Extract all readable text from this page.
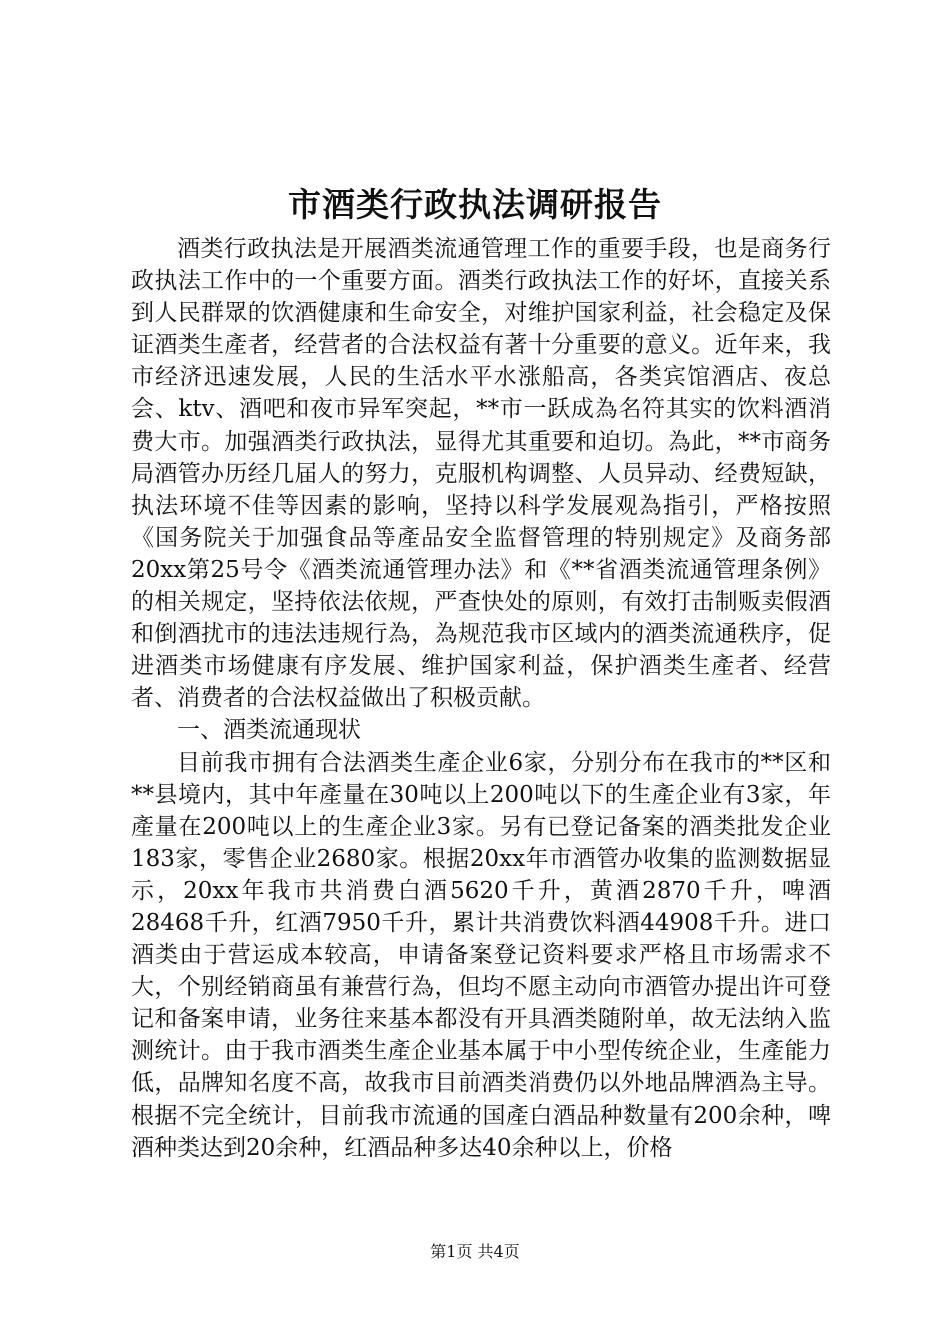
市酒类行政执法调研报告

酒类行政执法是开展酒类流通管理工作的重要手段，也是商务行政执法工作中的一个重要方面。酒类行政执法工作的好坏，直接关系到人民群眾的饮酒健康和生命安全，对维护国家利益，社会稳定及保证酒类生產者，经营者的合法权益有著十分重要的意义。近年来，我市经济迅速发展，人民的生活水平水涨船高，各类宾馆酒店、夜总会、ktv、酒吧和夜市异军突起，**市一跃成為名符其实的饮料酒消费大市。加强酒类行政执法，显得尤其重要和迫切。為此，**市商务局酒管办历经几届人的努力，克服机构调整、人员异动、经费短缺，执法环境不佳等因素的影响，坚持以科学发展观為指引，严格按照《国务院关于加强食品等產品安全监督管理的特别规定》及商务部20xx第25号令《酒类流通管理办法》和《**省酒类流通管理条例》的相关规定，坚持依法依规，严查快处的原则，有效打击制贩卖假酒和倒酒扰市的违法违规行為，為规范我市区域内的酒类流通秩序，促进酒类市场健康有序发展、维护国家利益，保护酒类生產者、经营者、消费者的合法权益做出了积极贡献。

一、酒类流通现状

目前我市拥有合法酒类生產企业6家，分别分布在我市的**区和**县境内，其中年產量在30吨以上200吨以下的生產企业有3家，年產量在200吨以上的生產企业3家。另有已登记备案的酒类批发企业183家，零售企业2680家。根据20xx年市酒管办收集的监测数据显示，20xx年我市共消费白酒5620千升，黄酒2870千升，啤酒28468千升，红酒7950千升，累计共消费饮料酒44908千升。进口酒类由于营运成本较高，申请备案登记资料要求严格且市场需求不大，个别经销商虽有兼营行為，但均不愿主动向市酒管办提出许可登记和备案申请，业务往来基本都没有开具酒类随附单，故无法纳入监测统计。由于我市酒类生產企业基本属于中小型传统企业，生產能力低，品牌知名度不高，故我市目前酒类消费仍以外地品牌酒為主导。根据不完全统计，目前我市流通的国產白酒品种数量有200余种，啤酒种类达到20余种，红酒品种多达40余种以上，价格

第1页 共4页
